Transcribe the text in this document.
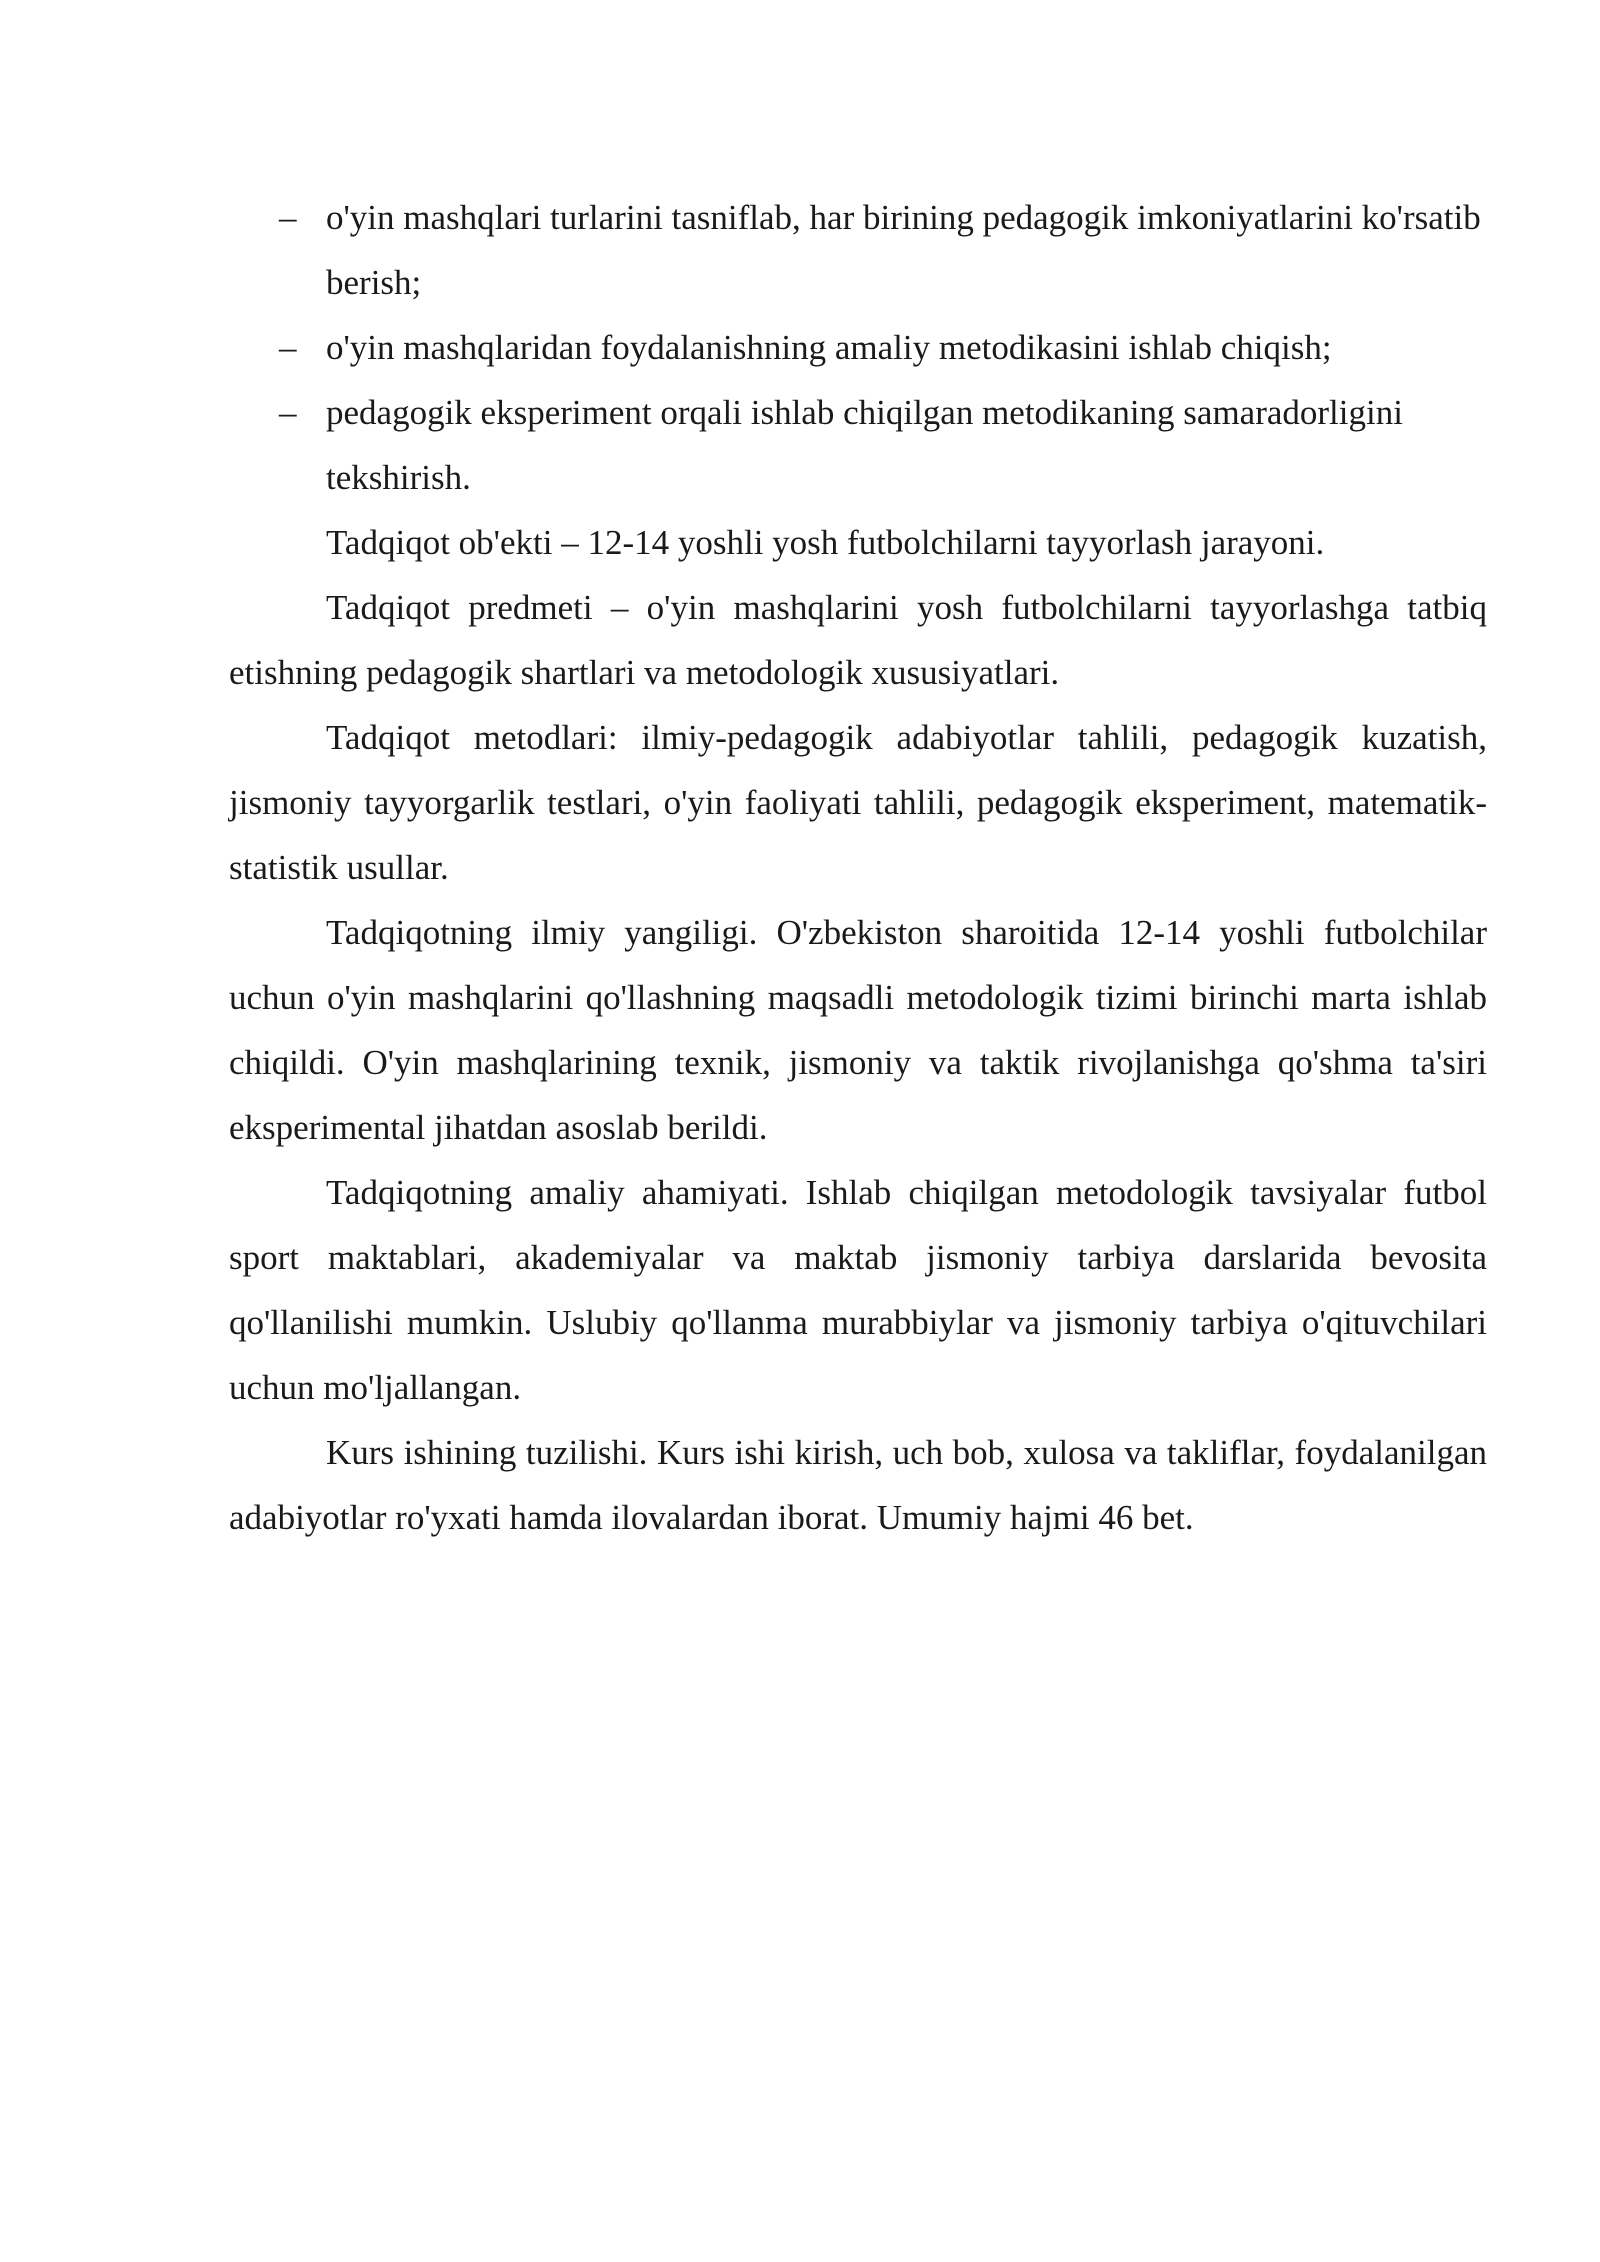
– o'yin mashqlari turlarini tasniflab, har birining pedagogik imkoniyatlarini ko'rsatib berish;
– o'yin mashqlaridan foydalanishning amaliy metodikasini ishlab chiqish;
– pedagogik eksperiment orqali ishlab chiqilgan metodikaning samaradorligini tekshirish.

Tadqiqot ob'ekti – 12-14 yoshli yosh futbolchilarni tayyorlash jarayoni.

Tadqiqot predmeti – o'yin mashqlarini yosh futbolchilarni tayyorlashga tatbiq etishning pedagogik shartlari va metodologik xususiyatlari.

Tadqiqot metodlari: ilmiy-pedagogik adabiyotlar tahlili, pedagogik kuzatish, jismoniy tayyorgarlik testlari, o'yin faoliyati tahlili, pedagogik eksperiment, matematik-statistik usullar.

Tadqiqotning ilmiy yangiligi. O'zbekiston sharoitida 12-14 yoshli futbolchilar uchun o'yin mashqlarini qo'llashning maqsadli metodologik tizimi birinchi marta ishlab chiqildi. O'yin mashqlarining texnik, jismoniy va taktik rivojlanishga qo'shma ta'siri eksperimental jihatdan asoslab berildi.

Tadqiqotning amaliy ahamiyati. Ishlab chiqilgan metodologik tavsiyalar futbol sport maktablari, akademiyalar va maktab jismoniy tarbiya darslarida bevosita qo'llanilishi mumkin. Uslubiy qo'llanma murabbiylar va jismoniy tarbiya o'qituvchilari uchun mo'ljallangan.

Kurs ishining tuzilishi. Kurs ishi kirish, uch bob, xulosa va takliflar, foydalanilgan adabiyotlar ro'yxati hamda ilovalardan iborat. Umumiy hajmi 46 bet.
